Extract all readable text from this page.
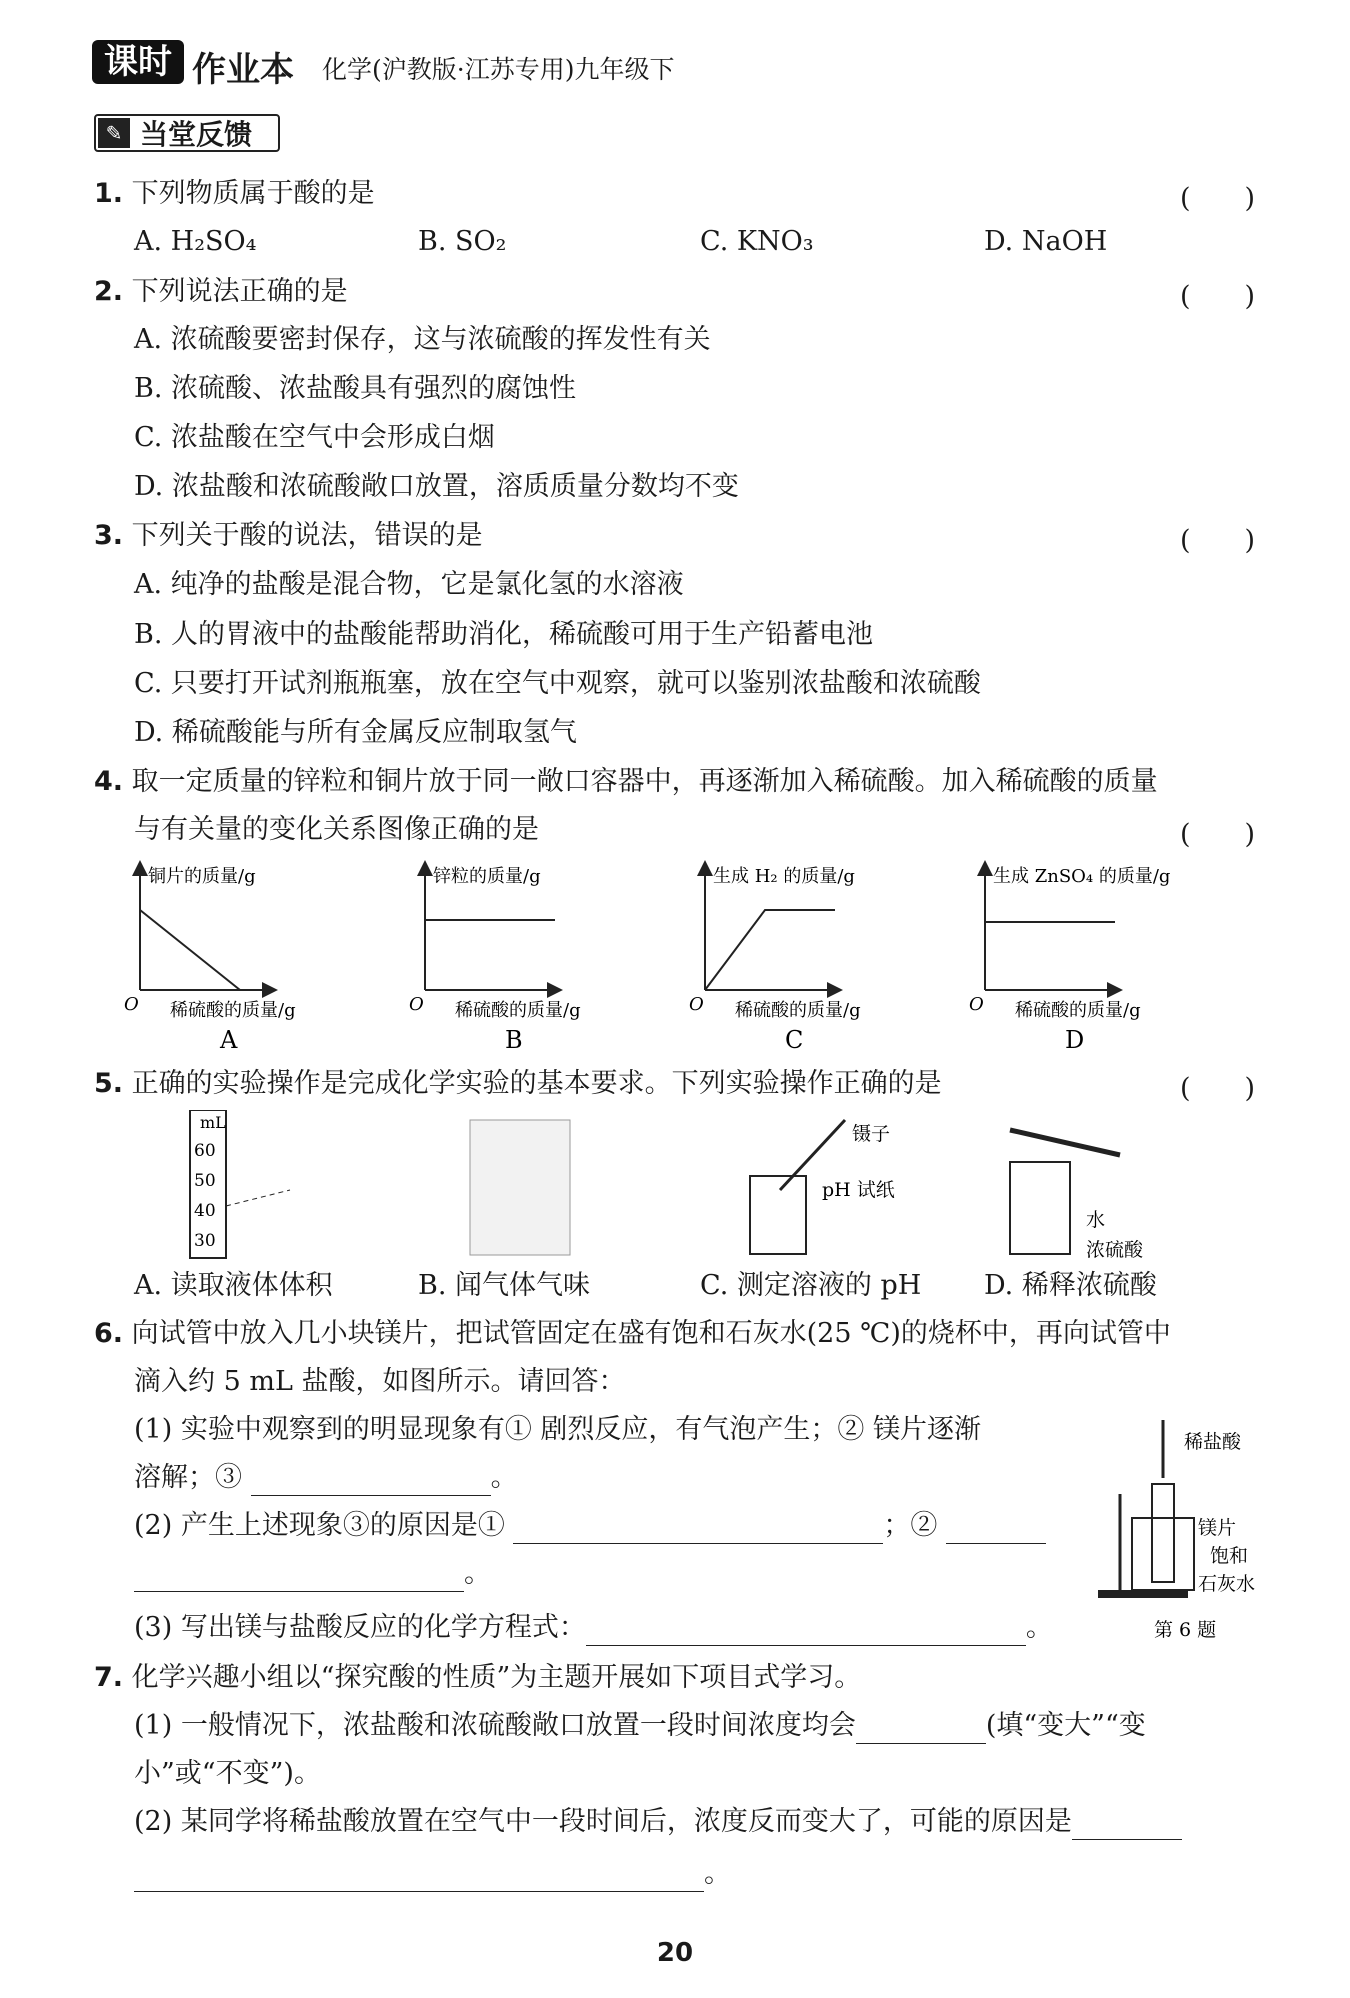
课时 作业本 化学(沪教版·江苏专用)九年级下
当堂反馈
✎
1. 下列物质属于酸的是	(　　)
A. H₂SO₄	B. SO₂	C. KNO₃	D. NaOH
2. 下列说法正确的是	(　　)
A. 浓硫酸要密封保存，这与浓硫酸的挥发性有关
B. 浓硫酸、浓盐酸具有强烈的腐蚀性
C. 浓盐酸在空气中会形成白烟
D. 浓盐酸和浓硫酸敞口放置，溶质质量分数均不变
3. 下列关于酸的说法，错误的是	(　　)
A. 纯净的盐酸是混合物，它是氯化氢的水溶液
B. 人的胃液中的盐酸能帮助消化，稀硫酸可用于生产铅蓄电池
C. 只要打开试剂瓶瓶塞，放在空气中观察，就可以鉴别浓盐酸和浓硫酸
D. 稀硫酸能与所有金属反应制取氢气
4. 取一定质量的锌粒和铜片放于同一敞口容器中，再逐渐加入稀硫酸。加入稀硫酸的质量
与有关量的变化关系图像正确的是	(　　)
铜片的质量/g
O 稀硫酸的质量/g
A
锌粒的质量/g
O 稀硫酸的质量/g
B
生成 H₂ 的质量/g
O 稀硫酸的质量/g
C
生成 ZnSO₄ 的质量/g
O 稀硫酸的质量/g
D
5. 正确的实验操作是完成化学实验的基本要求。下列实验操作正确的是	(　　)
mL
60
50
40
30
镊子
pH 试纸
水
浓硫酸
A. 读取液体体积	B. 闻气体气味	C. 测定溶液的 pH D. 稀释浓硫酸
6. 向试管中放入几小块镁片，把试管固定在盛有饱和石灰水(25 ℃)的烧杯中，再向试管中
滴入约 5 mL 盐酸，如图所示。请回答：
(1) 实验中观察到的明显现象有① 剧烈反应，有气泡产生；② 镁片逐渐
溶解；③	。
(2) 产生上述现象③的原因是①	；②
。
(3) 写出镁与盐酸反应的化学方程式：	。
稀盐酸
镁片
饱和
石灰水
第 6 题
7. 化学兴趣小组以“探究酸的性质”为主题开展如下项目式学习。
(1) 一般情况下，浓盐酸和浓硫酸敞口放置一段时间浓度均会	(填“变大”“变
小”或“不变”)。
(2) 某同学将稀盐酸放置在空气中一段时间后，浓度反而变大了，可能的原因是
。
20
